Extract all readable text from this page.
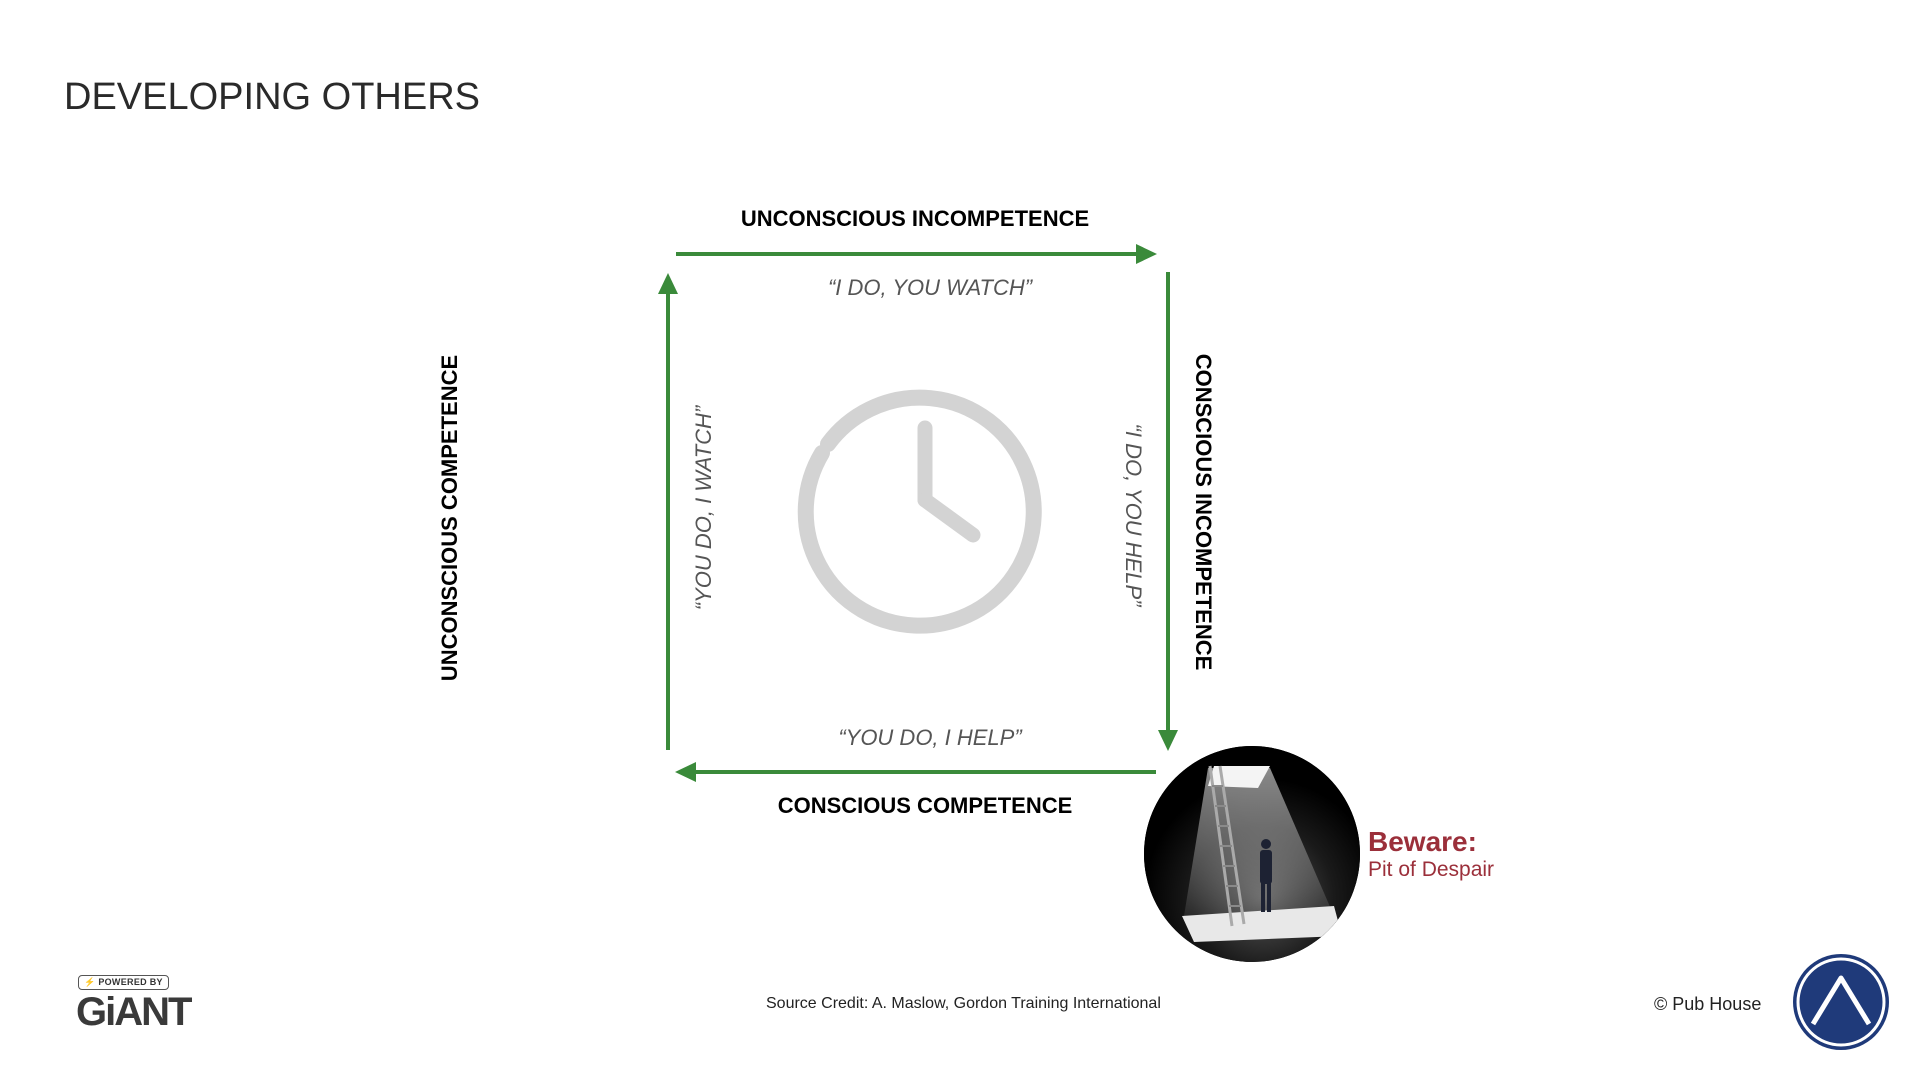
DEVELOPING OTHERS
UNCONSCIOUS INCOMPETENCE
CONSCIOUS COMPETENCE
UNCONSCIOUS COMPETENCE	CONSCIOUS INCOMPETENCE
“I DO, YOU WATCH”
“YOU DO, I HELP”
“YOU DO, I WATCH”	“I DO, YOU HELP”
Beware:
Pit of Despair
⚡ POWERED BY
GiANT	Source Credit: A. Maslow, Gordon Training International	© Pub House
